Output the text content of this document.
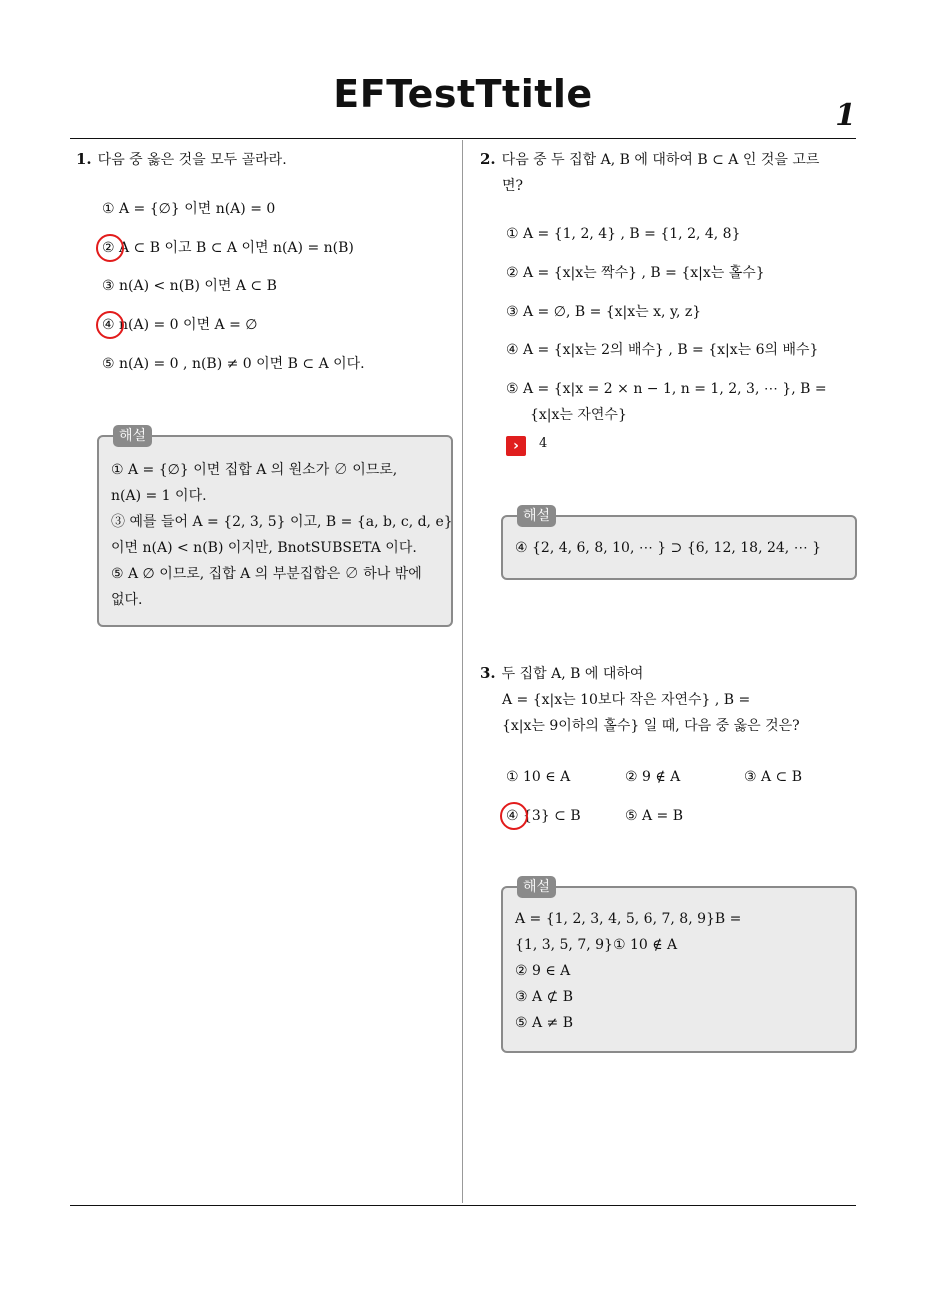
EFTestTtitle	1
1. 다음 중 옳은 것을 모두 골라라.
① A = {∅} 이면 n(A) = 0
② A ⊂ B 이고 B ⊂ A 이면 n(A) = n(B)
③ n(A) < n(B) 이면 A ⊂ B
④ n(A) = 0 이면 A = ∅
⑤ n(A) = 0 , n(B) ≠ 0 이면 B ⊂ A 이다.
해설
① A = {∅} 이면 집합 A 의 원소가 ∅ 이므로,
n(A) = 1 이다.
③ 예를 들어 A = {2, 3, 5} 이고, B = {a, b, c, d, e}
이면 n(A) < n(B) 이지만, BnotSUBSETA 이다.
⑤ A ∅ 이므로, 집합 A 의 부분집합은 ∅ 하나 밖에
없다.
2. 다음 중 두 집합 A, B 에 대하여 B ⊂ A 인 것을 고르
면?
① A = {1, 2, 4} , B = {1, 2, 4, 8}
② A = {x|x는 짝수} , B = {x|x는 홀수}
③ A = ∅, B = {x|x는 x, y, z}
④ A = {x|x는 2의 배수} , B = {x|x는 6의 배수}
⑤ A = {x|x = 2 × n − 1, n = 1, 2, 3, ⋯ }, B =
{x|x는 자연수}
›	4
해설
④ {2, 4, 6, 8, 10, ⋯ } ⊃ {6, 12, 18, 24, ⋯ }
3. 두 집합 A, B 에 대하여
A = {x|x는 10보다 작은 자연수} , B =
{x|x는 9이하의 홀수} 일 때, 다음 중 옳은 것은?
① 10 ∈ A	② 9 ∉ A	③ A ⊂ B
④ {3} ⊂ B	⑤ A = B
해설
A = {1, 2, 3, 4, 5, 6, 7, 8, 9}B =
{1, 3, 5, 7, 9}① 10 ∉ A
② 9 ∈ A
③ A ⊄ B
⑤ A ≠ B
